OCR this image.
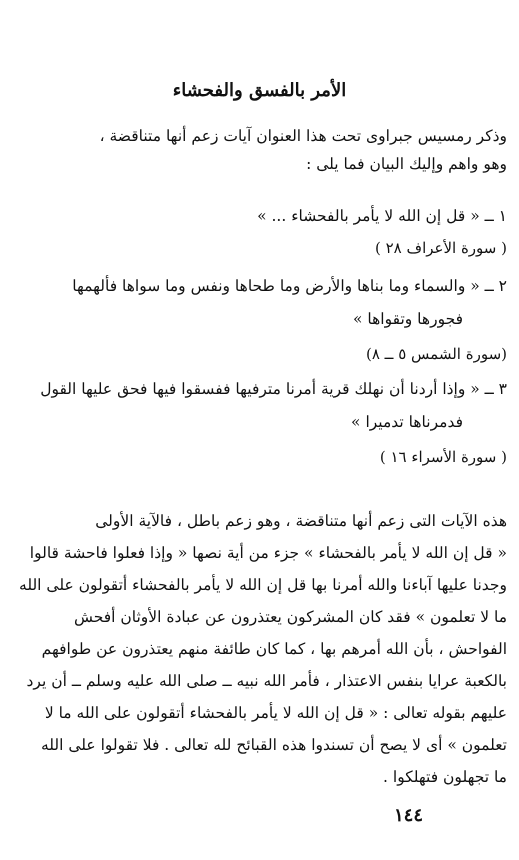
الأمر بالفسق والفحشاء
وذكر رمسيس جبراوى تحت هذا العنوان آيات زعم أنها متناقضة ،
وهو واهم وإليك البيان فما يلى :
١ ــ « قل إن الله لا يأمر بالفحشاء ... »
( سورة الأعراف ٢٨ )
٢ ــ « والسماء وما بناها والأرض وما طحاها ونفس وما سواها فألهمها
فجورها وتقواها »
(سورة الشمس ٥ ــ ٨)
٣ ــ « وإذا أردنا أن نهلك قرية أمرنا مترفيها ففسقوا فيها فحق عليها القول
فدمرناها تدميرا »
( سورة الأسراء ١٦ )
هذه الآيات التى زعم أنها متناقضة ، وهو زعم باطل ، فالآية الأولى
« قل إن الله لا يأمر بالفحشاء » جزء من أية نصها « وإذا فعلوا فاحشة قالوا
وجدنا عليها آباءنا والله أمرنا بها قل إن الله لا يأمر بالفحشاء أتقولون على الله
ما لا تعلمون » فقد كان المشركون يعتذرون عن عبادة الأوثان أفحش
الفواحش ، بأن الله أمرهم بها ، كما كان طائفة منهم يعتذرون عن طوافهم
بالكعبة عرايا بنفس الاعتذار ، فأمر الله نبيه ــ صلى الله عليه وسلم ــ أن يرد
عليهم بقوله تعالى : « قل إن الله لا يأمر بالفحشاء أتقولون على الله ما لا
تعلمون » أى لا يصح أن تسندوا هذه القبائح لله تعالى . فلا تقولوا على الله
ما تجهلون فتهلكوا .
١٤٤
